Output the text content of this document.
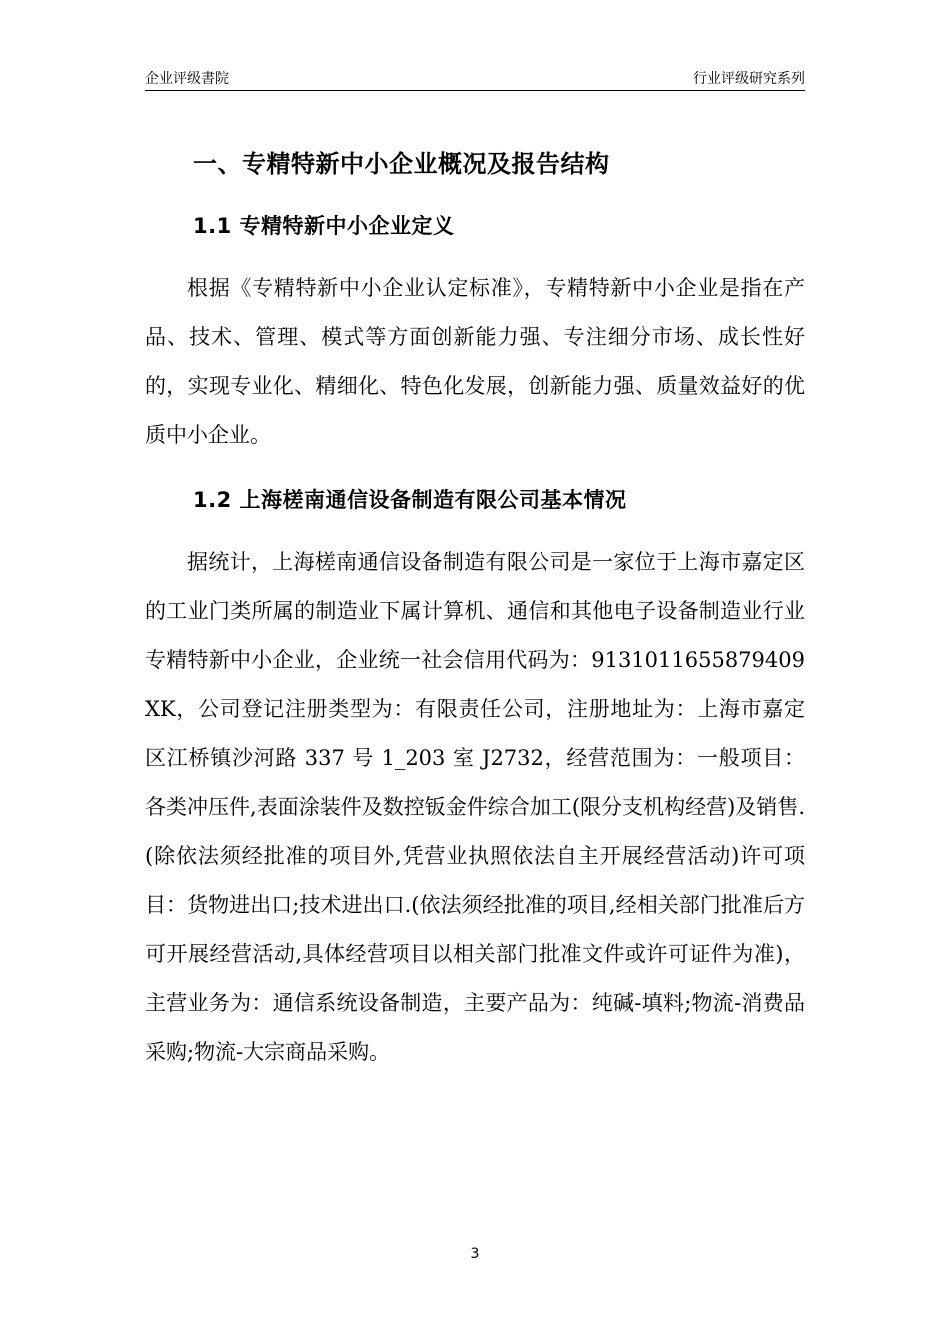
企业评级書院	行业评级研究系列
一、专精特新中小企业概况及报告结构
1.1 专精特新中小企业定义

根据《专精特新中小企业认定标准》，专精特新中小企业是指在产品、技术、管理、模式等方面创新能力强、专注细分市场、成长性好的，实现专业化、精细化、特色化发展，创新能力强、质量效益好的优质中小企业。

1.2 上海槎南通信设备制造有限公司基本情况

据统计，上海槎南通信设备制造有限公司是一家位于上海市嘉定区的工业门类所属的制造业下属计算机、通信和其他电子设备制造业行业专精特新中小企业，企业统一社会信用代码为：9131011655879409XK，公司登记注册类型为：有限责任公司，注册地址为：上海市嘉定区江桥镇沙河路 337 号 1_203 室 J2732，经营范围为：一般项目：各类冲压件,表面涂装件及数控钣金件综合加工(限分支机构经营)及销售.(除依法须经批准的项目外,凭营业执照依法自主开展经营活动)许可项目：货物进出口;技术进出口.(依法须经批准的项目,经相关部门批准后方可开展经营活动,具体经营项目以相关部门批准文件或许可证件为准)，主营业务为：通信系统设备制造，主要产品为：纯碱-填料;物流-消费品采购;物流-大宗商品采购。

3
